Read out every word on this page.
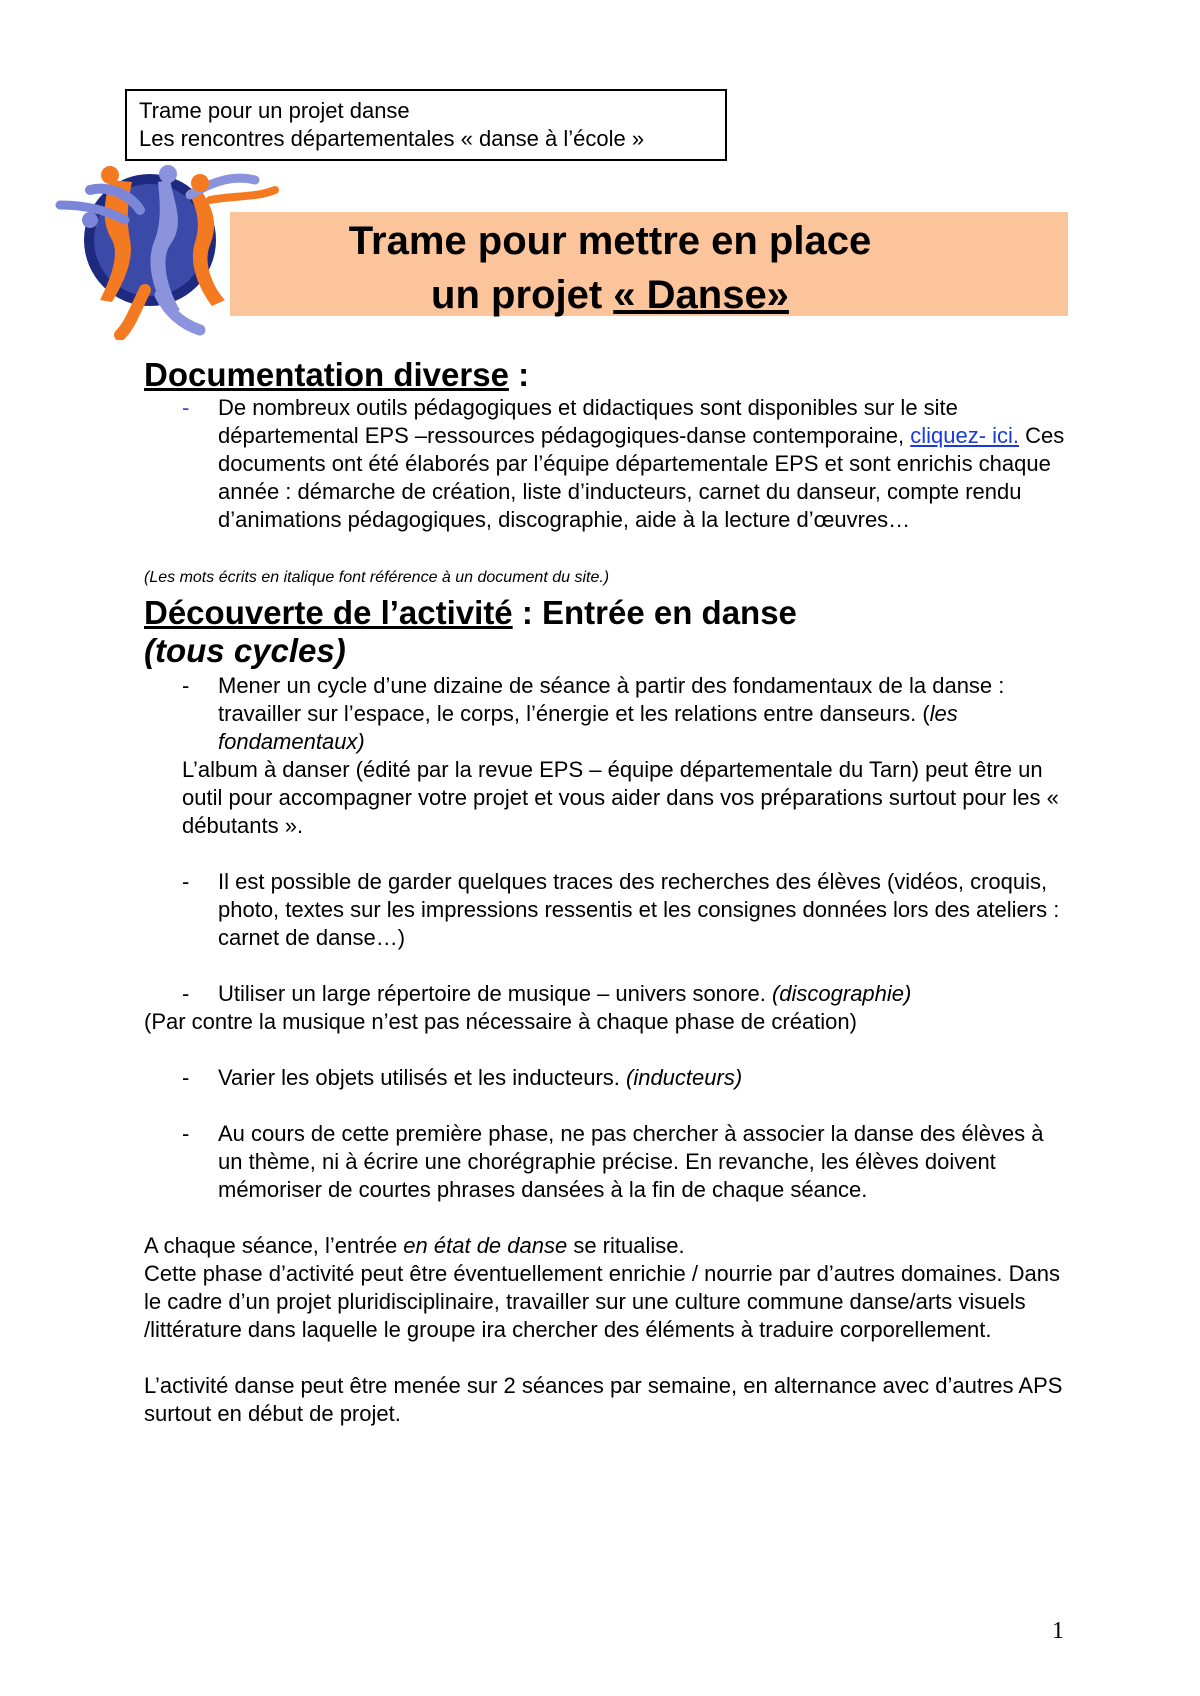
Trame pour un projet danse
Les rencontres départementales « danse à l’école »
Trame pour mettre en place
un projet « Danse»
Documentation diverse :
- De nombreux outils pédagogiques et didactiques sont disponibles sur le site départemental EPS –ressources pédagogiques-danse contemporaine, cliquez- ici. Ces documents ont été élaborés par l’équipe départementale EPS et sont enrichis chaque année : démarche de création, liste d’inducteurs, carnet du danseur, compte rendu d’animations pédagogiques, discographie, aide à la lecture d’œuvres…
(Les mots écrits en italique font référence à un document du site.)
Découverte de l’activité : Entrée en danse
(tous cycles)
- Mener un cycle d’une dizaine de séance à partir des fondamentaux de la danse : travailler sur l’espace, le corps, l’énergie et les relations entre danseurs. (les fondamentaux)
L’album à danser (édité par la revue EPS – équipe départementale du Tarn) peut être un outil pour accompagner votre projet et vous aider dans vos préparations surtout pour les « débutants ».
- Il est possible de garder quelques traces des recherches des élèves (vidéos, croquis, photo, textes sur les impressions ressentis et les consignes données lors des ateliers : carnet de danse…)
- Utiliser un large répertoire de musique – univers sonore. (discographie)
(Par contre la musique n’est pas nécessaire à chaque phase de création)
- Varier les objets utilisés et les inducteurs. (inducteurs)
- Au cours de cette première phase, ne pas chercher à associer la danse des élèves à un thème, ni à écrire une chorégraphie précise. En revanche, les élèves doivent mémoriser de courtes phrases dansées à la fin de chaque séance.
A chaque séance, l’entrée en état de danse se ritualise.
Cette phase d’activité peut être éventuellement enrichie / nourrie par d’autres domaines. Dans le cadre d’un projet pluridisciplinaire, travailler sur une culture commune danse/arts visuels /littérature dans laquelle le groupe ira chercher des éléments à traduire corporellement.
L’activité danse peut être menée sur 2 séances par semaine, en alternance avec d’autres APS surtout en début de projet.
1
